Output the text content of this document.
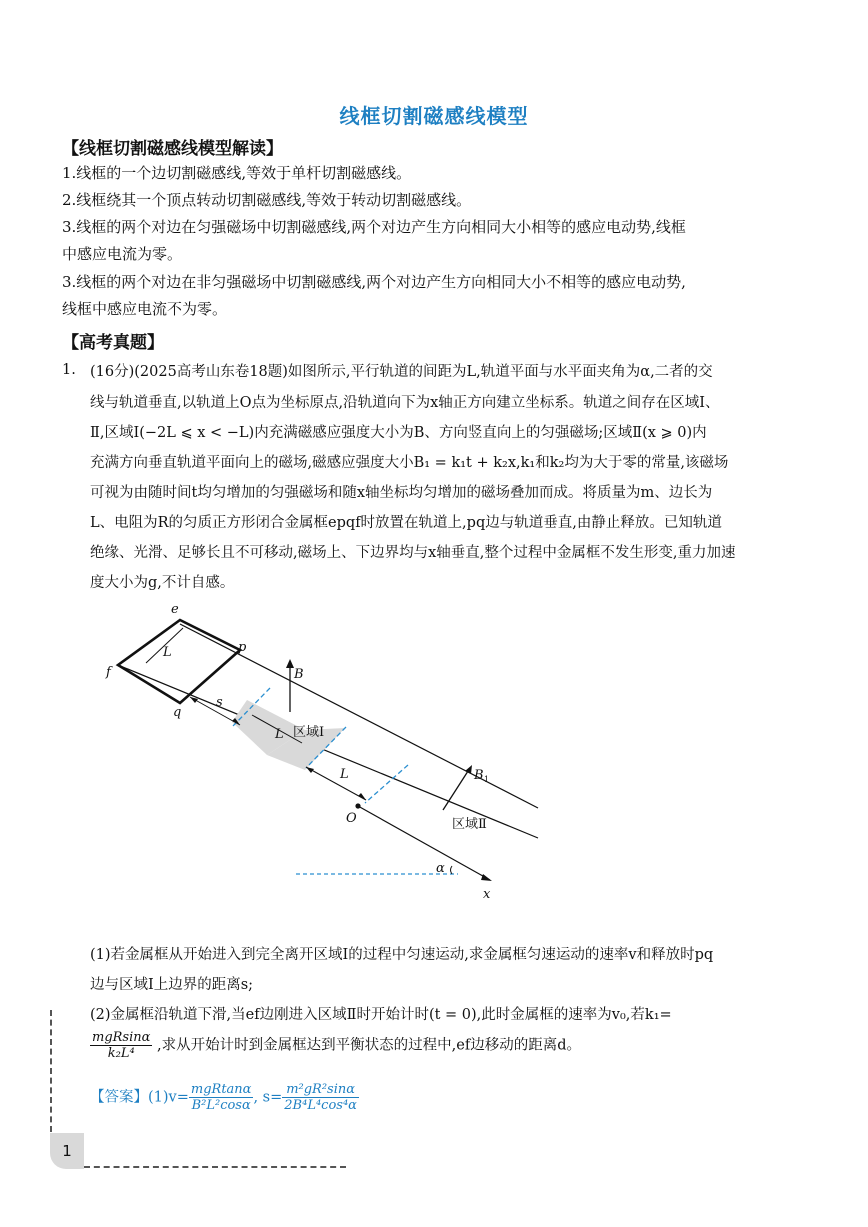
线框切割磁感线模型
【线框切割磁感线模型解读】
1.线框的一个边切割磁感线,等效于单杆切割磁感线。
2.线框绕其一个顶点转动切割磁感线,等效于转动切割磁感线。
3.线框的两个对边在匀强磁场中切割磁感线,两个对边产生方向相同大小相等的感应电动势,线框
中感应电流为零。
3.线框的两个对边在非匀强磁场中切割磁感线,两个对边产生方向相同大小不相等的感应电动势,
线框中感应电流不为零。
【高考真题】
1. (16分)(2025高考山东卷18题)如图所示,平行轨道的间距为L,轨道平面与水平面夹角为α,二者的交
线与轨道垂直,以轨道上O点为坐标原点,沿轨道向下为x轴正方向建立坐标系。轨道之间存在区域I、
Ⅱ,区域I(−2L ⩽ x < −L)内充满磁感应强度大小为B、方向竖直向上的匀强磁场;区域Ⅱ(x ⩾ 0)内
充满方向垂直轨道平面向上的磁场,磁感应强度大小B₁ = k₁t + k₂x,k₁和k₂均为大于零的常量,该磁场
可视为由随时间t均匀增加的匀强磁场和随x轴坐标均匀增加的磁场叠加而成。将质量为m、边长为
L、电阻为R的匀质正方形闭合金属框epqf时放置在轨道上,pq边与轨道垂直,由静止释放。已知轨道
绝缘、光滑、足够长且不可移动,磁场上、下边界均与x轴垂直,整个过程中金属框不发生形变,重力加速
度大小为g,不计自感。
e
f
p
q
L
s
L
L
B
区域I
B 1
区域Ⅱ
O
α
x
(1)若金属框从开始进入到完全离开区域I的过程中匀速运动,求金属框匀速运动的速率v和释放时pq
边与区域I上边界的距离s;
(2)金属框沿轨道下滑,当ef边刚进入区域Ⅱ时开始计时(t = 0),此时金属框的速率为v₀,若k₁=
$\frac{\text{mgRsinα}}{\text{k₂L⁴}}$ ,求从开始计时到金属框达到平衡状态的过程中,ef边移动的距离d。
【答案】$(1)v= \frac{\text{mgRtanα}}{\text{B²L²cosα}}$ , $s= \frac{\text{m²gR²sinα}}{\text{2B⁴L⁴cos⁴α}}$
1
